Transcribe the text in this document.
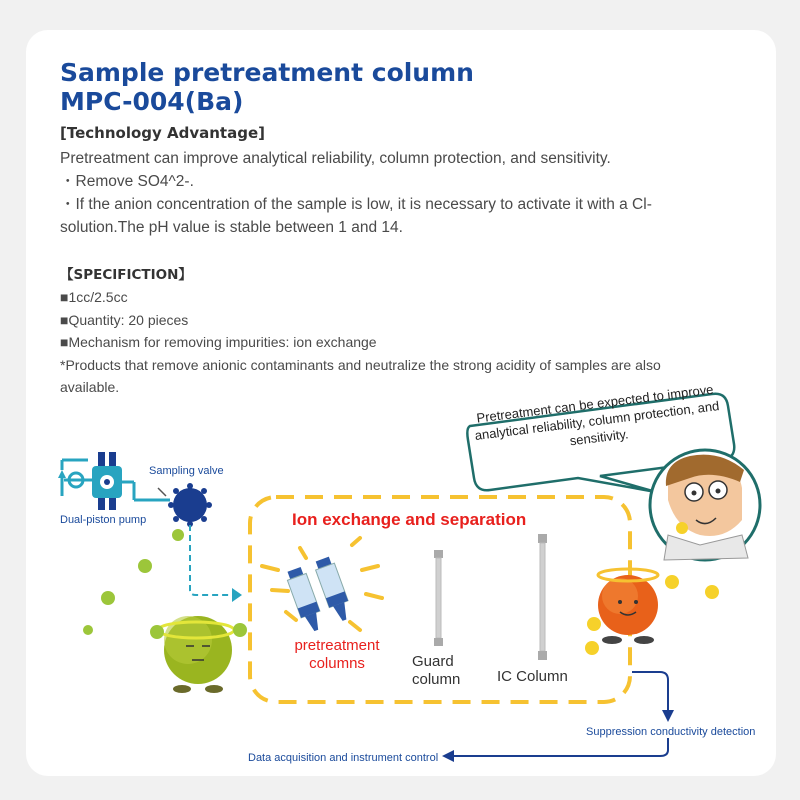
Sample pretreatment column
MPC-004(Ba)
[Technology Advantage]
Pretreatment can improve analytical reliability, column protection, and sensitivity.
・Remove SO4^2-.
・If the anion concentration of the sample is low, it is necessary to activate it with a Cl-
solution.The pH value is stable between 1 and 14.
【SPECIFICTION】
■1cc/2.5cc
■Quantity: 20 pieces
■Mechanism for removing impurities: ion exchange
*Products that remove anionic contaminants and neutralize the strong acidity of samples are also
available.
Sampling valve
Dual-piston pump	Ion exchange and separation
pretreatment
columns	Guard
column IC Column
Suppression conductivity detection
Data acquisition and instrument control
Pretreatment can be expected to improve analytical reliability, column protection, and sensitivity.
